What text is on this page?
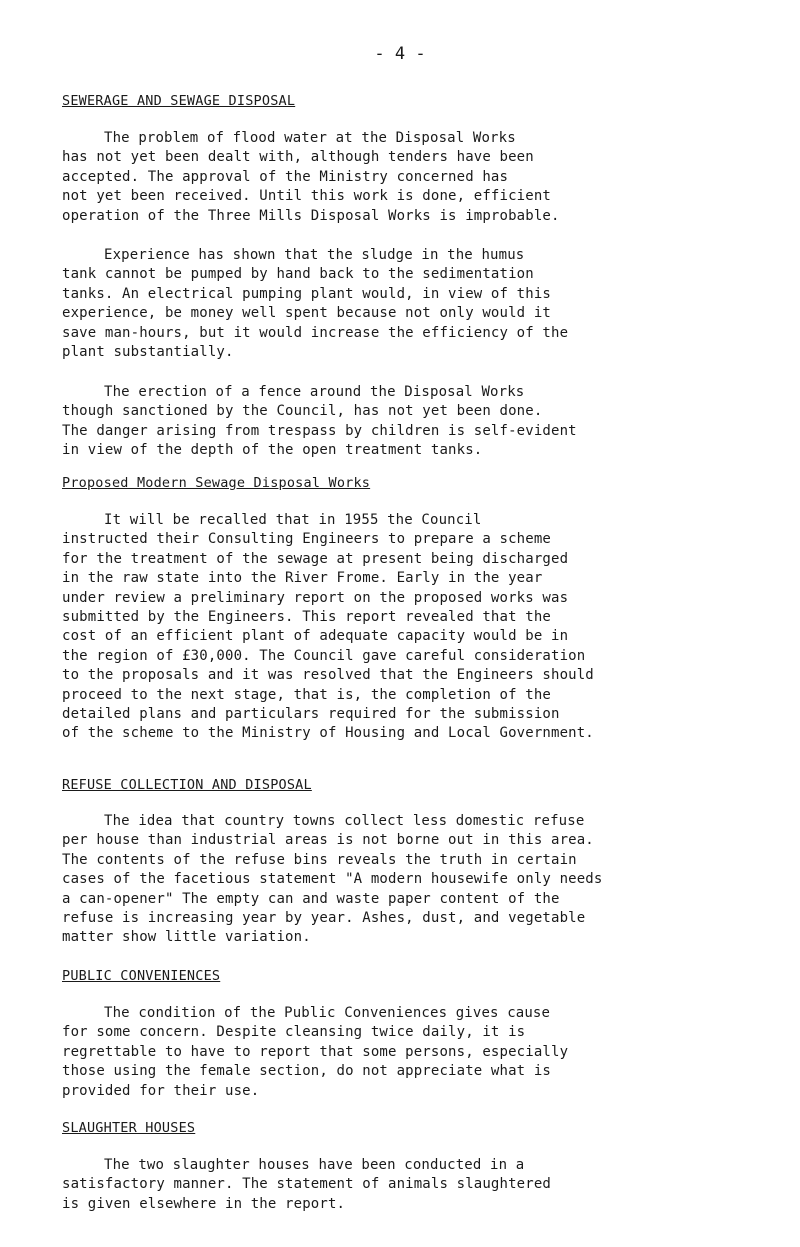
- 4 -
SEWERAGE AND SEWAGE DISPOSAL
The problem of flood water at the Disposal Works
has not yet been dealt with, although tenders have been
accepted. The approval of the Ministry concerned has
not yet been received. Until this work is done, efficient
operation of the Three Mills Disposal Works is improbable.
Experience has shown that the sludge in the humus
tank cannot be pumped by hand back to the sedimentation
tanks. An electrical pumping plant would, in view of this
experience, be money well spent because not only would it
save man-hours, but it would increase the efficiency of the
plant substantially.
The erection of a fence around the Disposal Works
though sanctioned by the Council, has not yet been done.
The danger arising from trespass by children is self-evident
in view of the depth of the open treatment tanks.
Proposed Modern Sewage Disposal Works
It will be recalled that in 1955 the Council
instructed their Consulting Engineers to prepare a scheme
for the treatment of the sewage at present being discharged
in the raw state into the River Frome. Early in the year
under review a preliminary report on the proposed works was
submitted by the Engineers. This report revealed that the
cost of an efficient plant of adequate capacity would be in
the region of £30,000. The Council gave careful consideration
to the proposals and it was resolved that the Engineers should
proceed to the next stage, that is, the completion of the
detailed plans and particulars required for the submission
of the scheme to the Ministry of Housing and Local Government.
REFUSE COLLECTION AND DISPOSAL
The idea that country towns collect less domestic refuse
per house than industrial areas is not borne out in this area.
The contents of the refuse bins reveals the truth in certain
cases of the facetious statement "A modern housewife only needs
a can-opener" The empty can and waste paper content of the
refuse is increasing year by year. Ashes, dust, and vegetable
matter show little variation.
PUBLIC CONVENIENCES
The condition of the Public Conveniences gives cause
for some concern. Despite cleansing twice daily, it is
regrettable to have to report that some persons, especially
those using the female section, do not appreciate what is
provided for their use.
SLAUGHTER HOUSES
The two slaughter houses have been conducted in a
satisfactory manner. The statement of animals slaughtered
is given elsewhere in the report.
